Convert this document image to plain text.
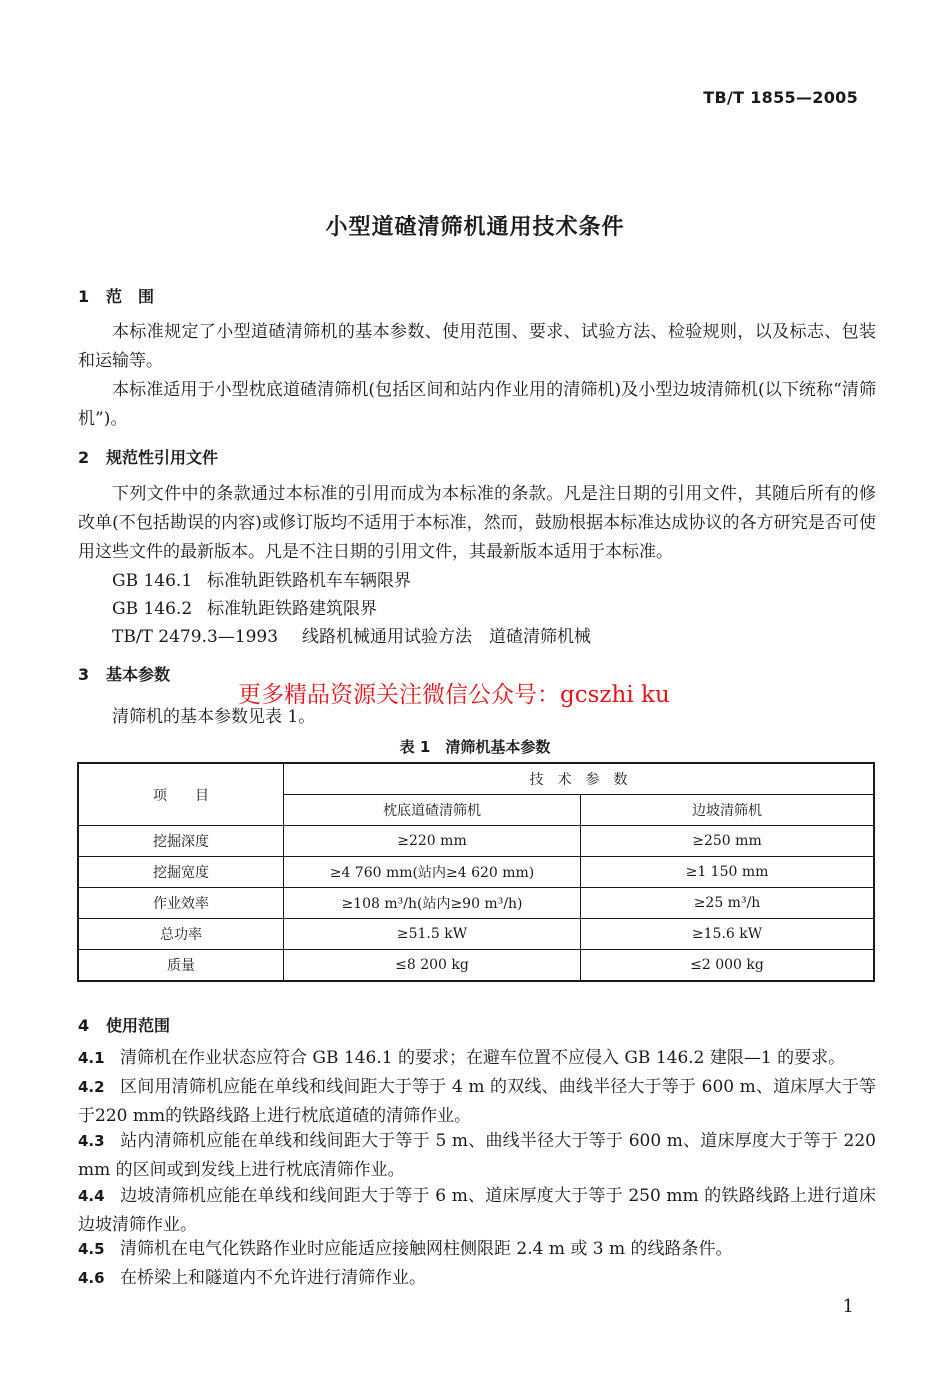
TB/T 1855—2005
小型道碴清筛机通用技术条件
1 范　围
本标准规定了小型道碴清筛机的基本参数、使用范围、要求、试验方法、检验规则，以及标志、包装和运输等。
本标准适用于小型枕底道碴清筛机(包括区间和站内作业用的清筛机)及小型边坡清筛机(以下统称“清筛机”)。
2 规范性引用文件
下列文件中的条款通过本标准的引用而成为本标准的条款。凡是注日期的引用文件，其随后所有的修改单(不包括勘误的内容)或修订版均不适用于本标准，然而，鼓励根据本标准达成协议的各方研究是否可使用这些文件的最新版本。凡是不注日期的引用文件，其最新版本适用于本标准。
GB 146.1 标准轨距铁路机车车辆限界
GB 146.2 标准轨距铁路建筑限界
TB/T 2479.3—1993 线路机械通用试验方法　道碴清筛机械
3 基本参数
清筛机的基本参数见表 1。
更多精品资源关注微信公众号：gcszhi ku
表 1　清筛机基本参数
项　　目	技　术　参　数	
	枕底道碴清筛机	边坡清筛机
挖掘深度	≥220 mm	≥250 mm
挖掘宽度	≥4 760 mm(站内≥4 620 mm)	≥1 150 mm
作业效率	≥108 m³/h(站内≥90 m³/h)	≥25 m³/h
总功率	≥51.5 kW	≥15.6 kW
质量	≤8 200 kg	≤2 000 kg
4 使用范围
4.1 清筛机在作业状态应符合 GB 146.1 的要求；在避车位置不应侵入 GB 146.2 建限—1 的要求。
4.2 区间用清筛机应能在单线和线间距大于等于 4 m 的双线、曲线半径大于等于 600 m、道床厚大于等于220 mm的铁路线路上进行枕底道碴的清筛作业。
4.3 站内清筛机应能在单线和线间距大于等于 5 m、曲线半径大于等于 600 m、道床厚度大于等于 220 mm 的区间或到发线上进行枕底清筛作业。
4.4 边坡清筛机应能在单线和线间距大于等于 6 m、道床厚度大于等于 250 mm 的铁路线路上进行道床边坡清筛作业。
4.5 清筛机在电气化铁路作业时应能适应接触网柱侧限距 2.4 m 或 3 m 的线路条件。
4.6 在桥梁上和隧道内不允许进行清筛作业。
1
